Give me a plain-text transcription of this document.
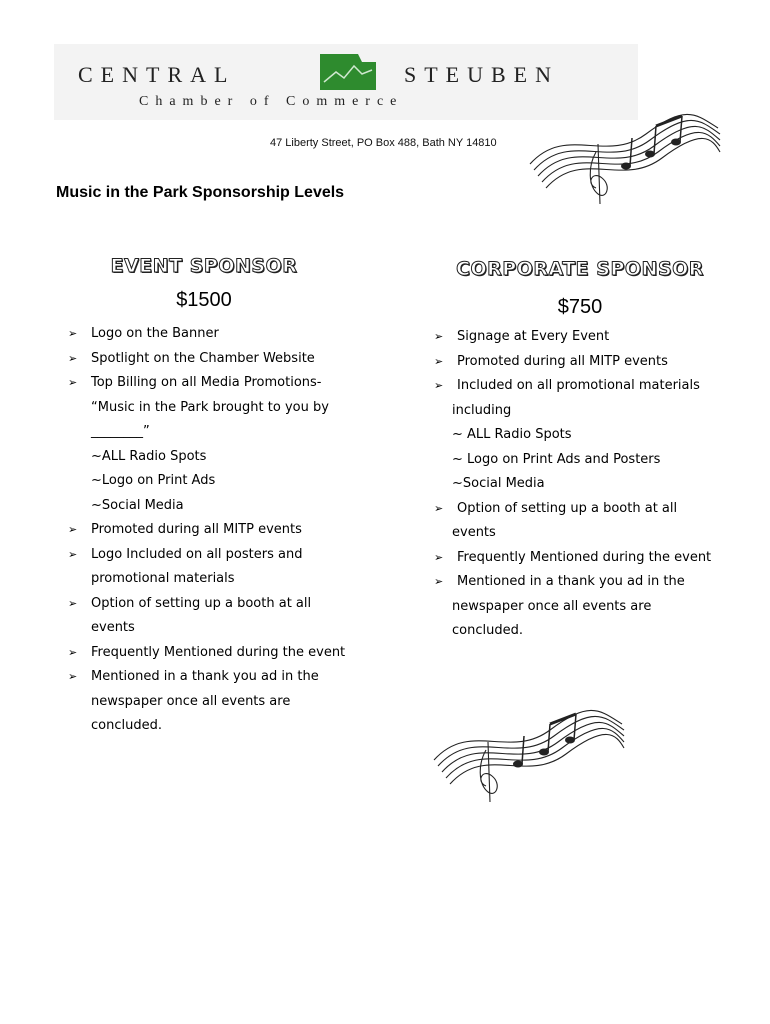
CENTRAL	STEUBEN
Chamber of Commerce
47 Liberty Street, PO Box 488, Bath NY 14810
Music in the Park Sponsorship Levels
EVENT SPONSOR
$1500
➢ Logo on the Banner
➢ Spotlight on the Chamber Website
➢ Top Billing on all Media Promotions-
“Music in the Park brought to you by
________”
~ALL Radio Spots
~Logo on Print Ads
~Social Media
➢ Promoted during all MITP events
➢ Logo Included on all posters and
promotional materials
➢ Option of setting up a booth at all
events
➢ Frequently Mentioned during the event
➢ Mentioned in a thank you ad in the
newspaper once all events are
concluded.
CORPORATE SPONSOR
$750
➢ Signage at Every Event
➢ Promoted during all MITP events
➢ Included on all promotional materials
including
~ ALL Radio Spots
~ Logo on Print Ads and Posters
~Social Media
➢ Option of setting up a booth at all
events
➢ Frequently Mentioned during the event
➢ Mentioned in a thank you ad in the
newspaper once all events are
concluded.
